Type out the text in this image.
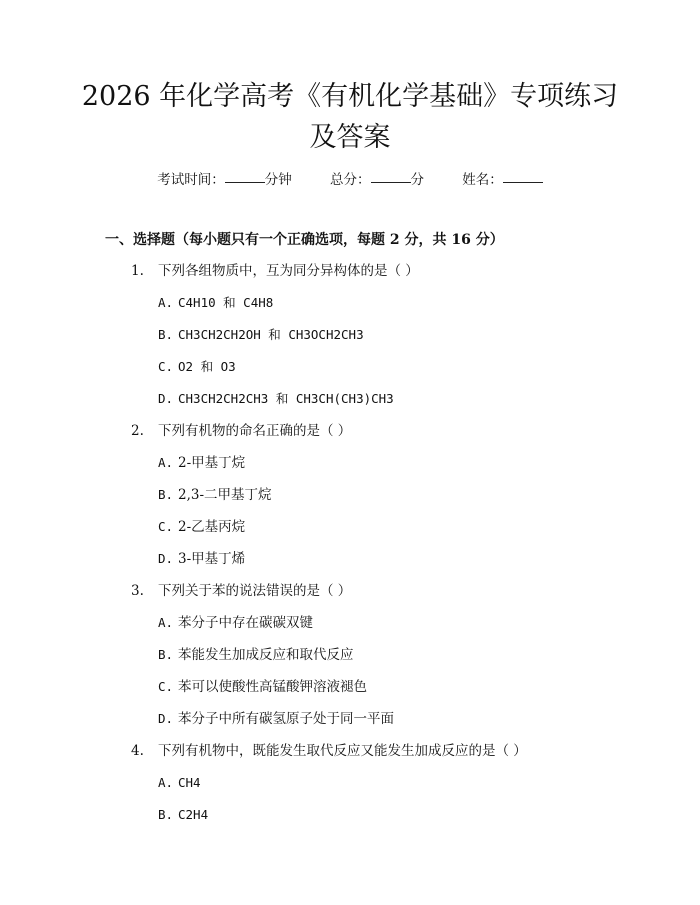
2026 年化学高考《有机化学基础》专项练习
及答案
考试时间：	分钟	总分：	分	姓名：
一、选择题（每小题只有一个正确选项，每题 2 分，共 16 分）
1. 下列各组物质中，互为同分异构体的是（ ）
A. C4H10 和 C4H8
B. CH3CH2CH2OH 和 CH3OCH2CH3
C. O2 和 O3
D. CH3CH2CH2CH3 和 CH3CH(CH3)CH3
2. 下列有机物的命名正确的是（ ）
A. 2-甲基丁烷
B. 2,3-二甲基丁烷
C. 2-乙基丙烷
D. 3-甲基丁烯
3. 下列关于苯的说法错误的是（ ）
A. 苯分子中存在碳碳双键
B. 苯能发生加成反应和取代反应
C. 苯可以使酸性高锰酸钾溶液褪色
D. 苯分子中所有碳氢原子处于同一平面
4. 下列有机物中，既能发生取代反应又能发生加成反应的是（ ）
A. CH4
B. C2H4
